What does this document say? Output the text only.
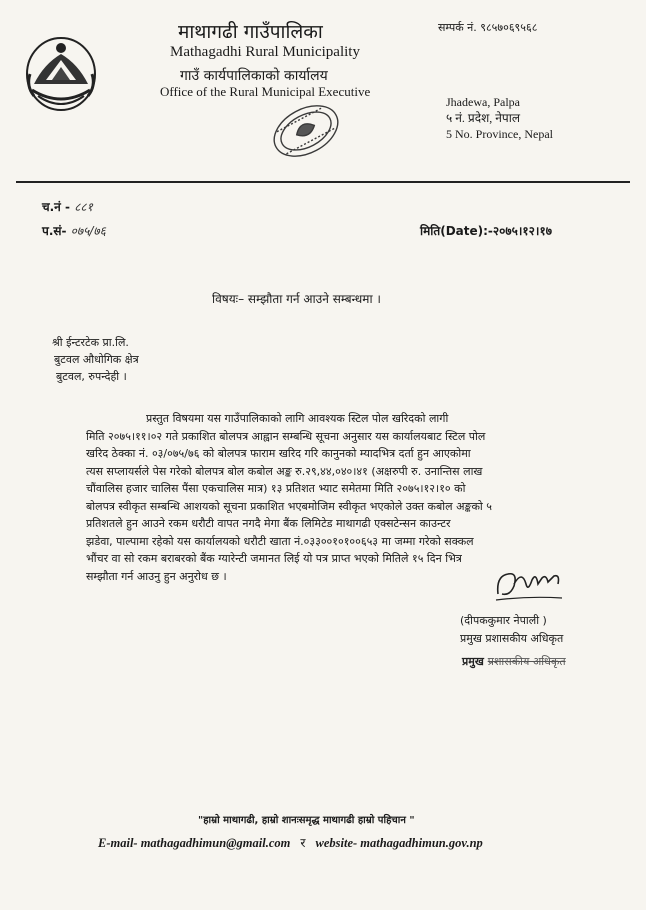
माथागढी गाउँपालिका
Mathagadhi Rural Municipality
गाउँ कार्यपालिकाको कार्यालय
Office of the Rural Municipal Executive
सम्पर्क नं. ९८५७०६९५६८
Jhadewa, Palpa
५ नं. प्रदेश, नेपाल
5 No. Province, Nepal
च.नं - ८८१
प.सं- ०७५/७६	मिति(Date):-२०७५।१२।१७
विषयः– सम्झौता गर्न आउने सम्बन्धमा ।
श्री ईन्टरटेक प्रा.लि.
बुटवल औधोगिक क्षेत्र
बुटवल, रुपन्देही ।
प्रस्तुत विषयमा यस गाउँपालिकाको लागि आवश्यक स्टिल पोल खरिदको लागी
मिति २०७५।११।०२ गते प्रकाशित बोलपत्र आह्वान सम्बन्धि सूचना अनुसार यस कार्यालयबाट स्टिल पोल
खरिद ठेक्का नं. ०३/०७५/७६ को बोलपत्र फाराम खरिद गरि कानुनको म्यादभित्र दर्ता हुन आएकोमा
त्यस सप्लायर्सले पेस गरेको बोलपत्र बोल कबोल अङ्क रु.२९,४४,०४०।४१ (अक्षरुपी रु. उनान्तिस लाख
चौंवालिस हजार चालिस पैंसा एकचालिस मात्र) १३ प्रतिशत भ्याट समेतमा मिति २०७५।१२।१० को
बोलपत्र स्वीकृत सम्बन्धि आशयको सूचना प्रकाशित भएबमोजिम स्वीकृत भएकोले उक्त कबोल अङ्कको ५
प्रतिशतले हुन आउने रकम धरौटी वापत नगदै मेगा बैंक लिमिटेड माथागढी एक्सटेन्सन काउन्टर
झडेवा, पाल्पामा रहेको यस कार्यालयको धरौटी खाता नं.०३३००१०१००६५३ मा जम्मा गरेको सक्कल
भौंचर वा सो रकम बराबरको बैंक ग्यारेन्टी जमानत लिई यो पत्र प्राप्त भएको मितिले १५ दिन भित्र
सम्झौता गर्न आउनु हुन अनुरोध छ ।
(दीपककुमार नेपाली )
प्रमुख प्रशासकीय अधिकृत
प्रमुख प्रशासकीय अधिकृत
"हाम्रो माथागढी, हाम्रो शानःसमृद्ध माथागढी हाम्रो पहिचान "
E-mail- mathagadhimun@gmail.com र website- mathagadhimun.gov.np
